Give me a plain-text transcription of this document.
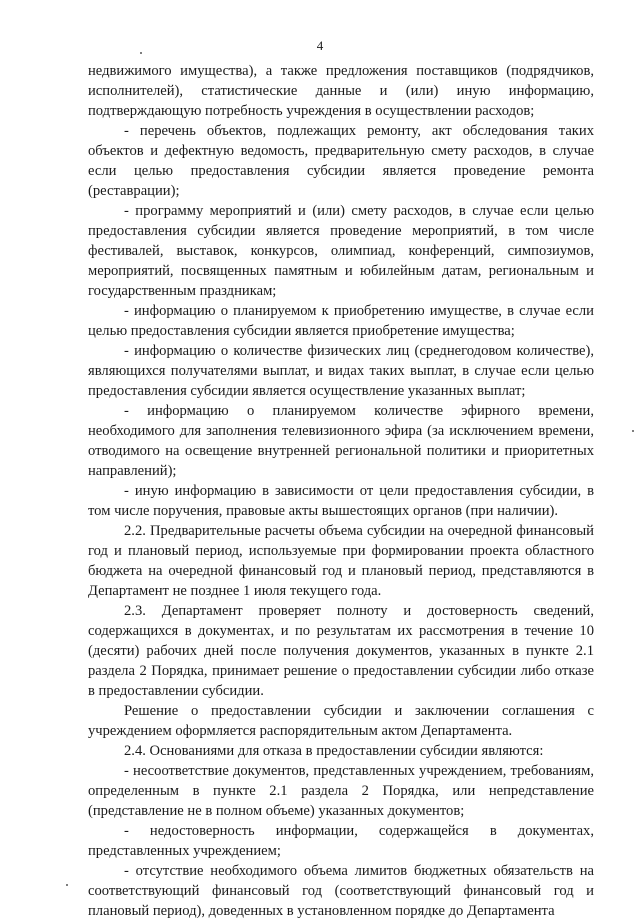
4

недвижимого имущества), а также предложения поставщиков (подрядчиков, исполнителей), статистические данные и (или) иную информацию, подтверждающую потребность учреждения в осуществлении расходов;

- перечень объектов, подлежащих ремонту, акт обследования таких объектов и дефектную ведомость, предварительную смету расходов, в случае если целью предоставления субсидии является проведение ремонта (реставрации);

- программу мероприятий и (или) смету расходов, в случае если целью предоставления субсидии является проведение мероприятий, в том числе фестивалей, выставок, конкурсов, олимпиад, конференций, симпозиумов, мероприятий, посвященных памятным и юбилейным датам, региональным и государственным праздникам;

- информацию о планируемом к приобретению имуществе, в случае если целью предоставления субсидии является приобретение имущества;

- информацию о количестве физических лиц (среднегодовом количестве), являющихся получателями выплат, и видах таких выплат, в случае если целью предоставления субсидии является осуществление указанных выплат;

- информацию о планируемом количестве эфирного времени, необходимого для заполнения телевизионного эфира (за исключением времени, отводимого на освещение внутренней региональной политики и приоритетных направлений);

- иную информацию в зависимости от цели предоставления субсидии, в том числе поручения, правовые акты вышестоящих органов (при наличии).

2.2. Предварительные расчеты объема субсидии на очередной финансовый год и плановый период, используемые при формировании проекта областного бюджета на очередной финансовый год и плановый период, представляются в Департамент не позднее 1 июля текущего года.

2.3. Департамент проверяет полноту и достоверность сведений, содержащихся в документах, и по результатам их рассмотрения в течение 10 (десяти) рабочих дней после получения документов, указанных в пункте 2.1 раздела 2 Порядка, принимает решение о предоставлении субсидии либо отказе в предоставлении субсидии.

Решение о предоставлении субсидии и заключении соглашения с учреждением оформляется распорядительным актом Департамента.

2.4. Основаниями для отказа в предоставлении субсидии являются:

- несоответствие документов, представленных учреждением, требованиям, определенным в пункте 2.1 раздела 2 Порядка, или непредставление (представление не в полном объеме) указанных документов;

- недостоверность информации, содержащейся в документах, представленных учреждением;

- отсутствие необходимого объема лимитов бюджетных обязательств на соответствующий финансовый год (соответствующий финансовый год и плановый период), доведенных в установленном порядке до Департамента
